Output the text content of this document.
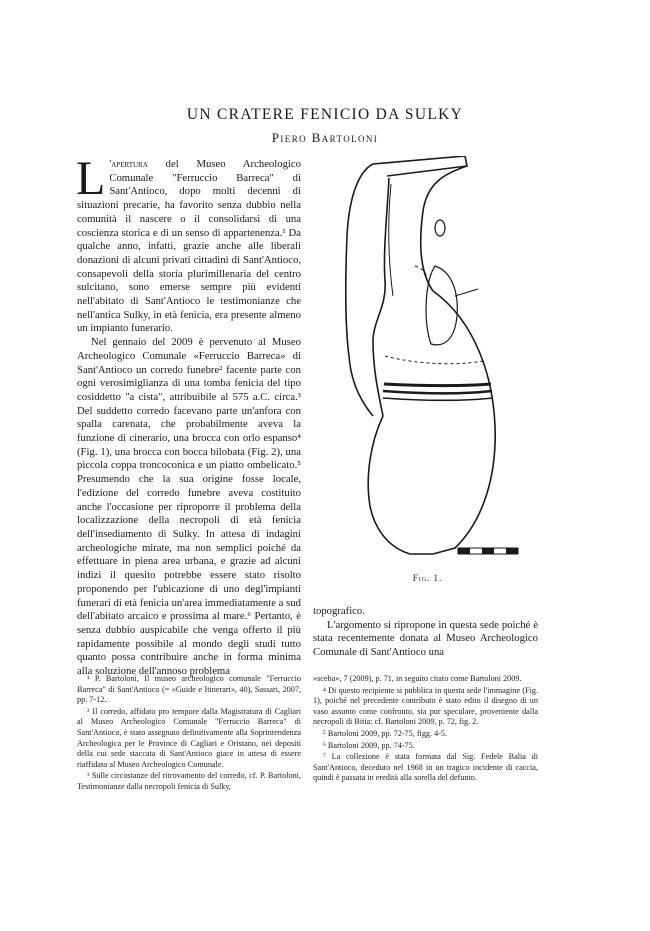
UN CRATERE FENICIO DA SULKY
Piero Bartoloni

L 'apertura del Museo Archeologico Comunale "Ferruccio Barreca" di Sant'Antioco, dopo molti decenni di situazioni precarie, ha favorito senza dubbio nella comunità il nascere o il consolidarsi di una coscienza storica e di un senso di appartenenza.¹ Da qualche anno, infatti, grazie anche alle liberali donazioni di alcuni privati cittadini di Sant'Antioco, consapevoli della storia plurimillenaria del centro sulcitano, sono emerse sempre più evidenti nell'abitato di Sant'Antioco le testimonianze che nell'antica Sulky, in età fenicia, era presente almeno un impianto funerario.

Nel gennaio del 2009 è pervenuto al Museo Archeologico Comunale «Ferruccio Barreca» di Sant'Antioco un corredo funebre² facente parte con ogni verosimiglianza di una tomba fenicia del tipo cosiddetto "a cista", attribuibile al 575 a.C. circa.³ Del suddetto corredo facevano parte un'anfora con spalla carenata, che probabilmente aveva la funzione di cinerario, una brocca con orlo espanso⁴ (Fig. 1), una brocca con bocca bilobata (Fig. 2), una piccola coppa troncoconica e un piatto ombelicato.⁵ Presumendo che la sua origine fosse locale, l'edizione del corredo funebre aveva costituito anche l'occasione per riproporre il problema della localizzazione della necropoli di età fenicia dell'insediamento di Sulky. In attesa di indagini archeologiche mirate, ma non semplici poiché da effettuare in piena area urbana, e grazie ad alcuni indizi il quesito potrebbe essere stato risolto proponendo per l'ubicazione di uno degl'impianti funerari di età fenicia un'area immediatamente a sud dell'abitato arcaico e prossima al mare.⁶ Pertanto, è senza dubbio auspicabile che venga offerto il più rapidamente possibile al mondo degli studi tutto quanto possa contribuire anche in forma minima alla soluzione dell'annoso problema

Fig. 1.

topografico.

L'argomento si ripropone in questa sede poiché è stata recentemente donata al Museo Archeologico Comunale di Sant'Antioco una

¹ P. Bartoloni, Il museo archeologico comunale "Ferruccio Barreca" di Sant'Antioco (= «Guide e Itinerari», 40), Sassari, 2007, pp. 7-12.

² Il corredo, affidato pro tempore dalla Magistratura di Cagliari al Museo Archeologico Comunale "Ferruccio Barreca" di Sant'Antioco, è stato assegnato definitivamente alla Soprintendenza Archeologica per le Province di Cagliari e Oristano, nei depositi della cui sede staccata di Sant'Antioco giace in attesa di essere riaffidato al Museo Archeologico Comunale.

³ Sulle circostanze del ritrovamento del corredo, cf. P. Bartoloni, Testimonianze dalla necropoli fenicia di Sulky,

«sceba», 7 (2009), p. 71, in seguito citato come Bartoloni 2009.

⁴ Di questo recipiente si pubblica in questa sede l'immagine (Fig. 1), poiché nel precedente contributo è stato edito il disegno di un vaso assunto come confronto, sia pur speculare, proveniente dalla necropoli di Bitia: cf. Bartoloni 2009, p. 72, fig. 2.

⁵ Bartoloni 2009, pp. 72-75, figg. 4-5.

⁶ Bartoloni 2009, pp. 74-75.

⁷ La collezione è stata formata dal Sig. Fedele Balia di Sant'Antioco, deceduto nel 1968 in un tragico incidente di caccia, quindi è passata in eredità alla sorella del defunto.
